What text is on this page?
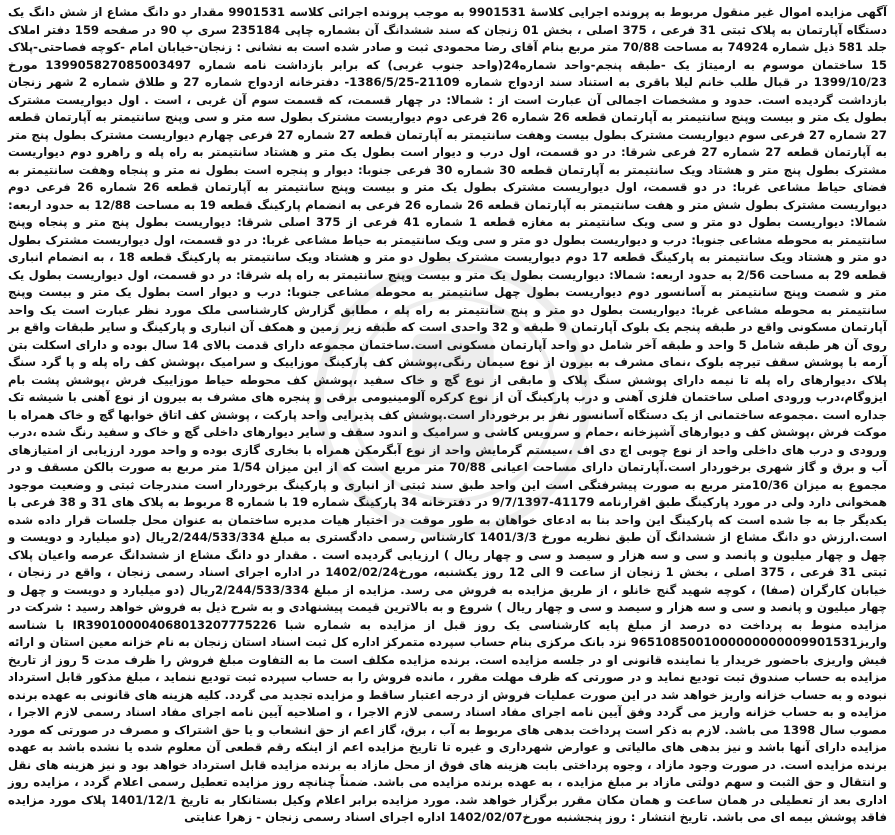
آگهی مزایده اموال غیر منقول مربوط به پرونده اجرایی کلاسهٔ 9901531 به موجب پرونده اجرائی کلاسه 9901531 مقدار دو دانگ مشاع از شش دانگ یک دستگاه آپارتمان به پلاک ثبتی 31 فرعی ، 375 اصلی ، بخش 01 زنجان که سند ششدانگ آن بشماره چاپی 235184 سری پ 90 در صفحه 159 دفتر املاک جلد 581 ذیل شماره 74924 به مساحت 70/88 متر مربع بنام آقای رضا محمودی ثبت و صادر شده است به نشانی : زنجان-خیابان امام -کوچه فصاحتی-پلاک 15 ساختمان موسوم به ارمیتاژ یک -طبقه پنجم-واحد شماره24(واحد جنوب غربی) که برابر بازداشت نامه شماره 139905827085003497 مورخ 1399/10/23 در قبال طلب خانم لیلا باقری به استناد سند ازدواج شماره 21109-1386/5/25- دفترخانه ازدواج شماره 27 و طلاق شماره 2 شهر زنجان بازداشت گردیده است. حدود و مشخصات اجمالی آن عبارت است از : شمالا: در چهار قسمت، که قسمت سوم آن غربی ، است . اول دیواریست مشترک بطول یک متر و بیست وپنج سانتیمتر به آپارتمان قطعه 26 شماره 26 فرعی دوم دیواریست مشترک بطول سه متر و سی وپنج سانتیمتر به آپارتمان قطعه 27 شماره 27 فرعی سوم دیواریست مشترک بطول بیست وهفت سانتیمتر به آپارتمان قطعه 27 شماره 27 فرعی چهارم دیواریست مشترک بطول پنج متر به آپارتمان قطعه 27 شماره 27 فرعی شرقا: در دو قسمت، اول درب و دیوار است بطول یک متر و هشتاد سانتیمتر به راه پله و راهرو دوم دیواریست مشترک بطول پنج متر و هشتاد ویک سانتیمتر به آپارتمان قطعه 30 شماره 30 فرعی جنوبا: دیوار و پنجره است بطول نه متر و پنجاه وهفت سانتیمتر به فضای حیاط مشاعی غربا: در دو قسمت، اول دیواریست مشترک بطول یک متر و بیست وپنج سانتیمتر به آپارتمان قطعه 26 شماره 26 فرعی دوم دیواریست مشترک بطول شش متر و هفت سانتیمتر به آپارتمان قطعه 26 شماره 26 فرعی به انضمام پارکینگ قطعه 19 به مساحت 12/88 به حدود اربعه: شمالا: دیواریست بطول دو متر و سی ویک سانتیمتر به مغازه قطعه 1 شماره 41 فرعی از 375 اصلی شرقا: دیواریست بطول پنج متر و پنجاه وپنج سانتیمتر به محوطه مشاعی جنوبا: درب و دیواریست بطول دو متر و سی ویک سانتیمتر به حیاط مشاعی غربا: در دو قسمت، اول دیواریست مشترک بطول دو متر و هشتاد ویک سانتیمتر به پارکینگ قطعه 17 دوم دیواریست مشترک بطول دو متر و هشتاد ویک سانتیمتر به پارکینگ قطعه 18 ، به انضمام انباری قطعه 29 به مساحت 2/56 به حدود اربعه: شمالا: دیواریست بطول یک متر و بیست وپنج سانتیمتر به راه پله شرقا: در دو قسمت، اول دیواریست بطول یک متر و شصت وپنج سانتیمتر به آسانسور دوم دیواریست بطول چهل سانتیمتر به محوطه مشاعی جنوبا: درب و دیوار است بطول یک متر و بیست وپنج سانتیمتر به محوطه مشاعی غربا: دیواریست بطول دو متر و پنج سانتیمتر به راه پله ، مطابق گزارش کارشناسی ملک مورد نظر عبارت است یک واحد آپارتمان مسکونی واقع در طبقه پنجم یک بلوک آپارتمان 9 طبقه و 32 واحدی است که طبقه زیر زمین و همکف آن انباری و پارکینگ و سایر طبقات واقع بر روی آن هر طبقه شامل 5 واحد و طبقه آخر شامل دو واحد آپارتمان مسکونی است.ساختمان مجموعه دارای قدمت بالای 14 سال بوده و دارای اسکلت بتن آرمه با پوشش سقف تیرچه بلوک ،نمای مشرف به بیرون از نوع سیمان رنگی،پوشش کف پارکینگ موزاییک و سرامیک ،پوشش کف راه پله و پا گرد سنگ پلاک ،دیوارهای راه پله تا نیمه دارای پوشش سنگ پلاک و مابقی از نوع گچ و خاک سفید ،پوشش کف محوطه حیاط موزاییک فرش ،پوشش پشت بام ایزوگام،درب ورودی اصلی ساختمان فلزی آهنی و درب پارکینگ آن از نوع کرکره آلومینیومی برقی و پنجره های مشرف به بیرون از نوع آهنی با شیشه تک جداره است .مجموعه ساختمانی از یک دستگاه آسانسور نفر بر برخوردار است.پوشش کف پذیرایی واحد پارکت ، پوشش کف اتاق خوابها گچ و خاک همراه با موکت فرش ،پوشش کف و دیوارهای آشپزخانه ،حمام و سرویس کاشی و سرامیک و اندود سقف و سایر دیوارهای داخلی گچ و خاک و سفید رنگ شده ،درب ورودی و درب های داخلی واحد از نوع چوبی اچ دی اف ،سیستم گرمایش واحد از نوع آبگرمکن همراه با بخاری گازی بوده و واحد مورد ارزیابی از امتیازهای آب و برق و گاز شهری برخوردار است.آپارتمان دارای مساحت اعیانی 70/88 متر مربع است که از این میزان 1/54 متر مربع به صورت بالکن مسقف و در مجموع به میزان 10/36متر مربع به صورت پیشرفتگی است این واحد طبق سند ثبتی از انباری و پارکینگ برخوردار است مندرجات ثبتی و وضعیت موجود همخوانی دارد ولی در مورد پارکینگ طبق اقرارنامه 41179-9/7/1397 در دفترخانه 34 پارکینگ شماره 19 با شماره 8 مربوط به پلاک های 31 و 38 فرعی با یکدیگر جا به جا شده است که پارکینگ این واحد بنا به ادعای خواهان به طور موقت در اختیار هیات مدیره ساختمان به عنوان محل جلسات قرار داده شده است.ارزش دو دانگ مشاع از ششدانگ آن طبق نظریه مورخ 1401/3/3 کارشناس رسمی دادگستری به مبلغ 2/244/533/334ریال (دو میلیارد و دویست و چهل و چهار میلیون و پانصد و سی و سه هزار و سیصد و سی و چهار ریال ) ارزیابی گردیده است . مقدار دو دانگ مشاع از ششدانگ عرصه واعیان پلاک ثبتی 31 فرعی ، 375 اصلی ، بخش 1 زنجان از ساعت 9 الی 12 روز یکشنبه، مورخ1402/02/24 در اداره اجرای اسناد رسمی زنجان ، واقع در زنجان ، خیابان کارگران (صفا) ، کوچه شهید گنج خانلو ، از طریق مزایده به فروش می رسد. مزایده از مبلغ 2/244/533/334ریال (دو میلیارد و دویست و چهل و چهار میلیون و پانصد و سی و سه هزار و سیصد و سی و چهار ریال ) شروع و به بالاترین قیمت پیشنهادی و به شرح ذیل به فروش خواهد رسید : شرکت در مزایده منوط به پرداخت ده درصد از مبلغ پایه کارشناسی یک روز قبل از مزایده به شماره شبا IR390100004068013207775226 با شناسه واریز9651085001000000000009901531 نزد بانک مرکزی بنام حساب سپرده متمرکز اداره کل ثبت اسناد استان زنجان به نام خزانه معین استان و ارائه فیش واریزی باحضور خریدار یا نماینده قانونی او در جلسه مزایده است. برنده مزایده مکلف است ما به التفاوت مبلغ فروش را ظرف مدت 5 روز از تاریخ مزایده به حساب صندوق ثبت تودیع نماید و در صورتی که ظرف مهلت مقرر ، مانده فروش را به حساب سپرده ثبت تودیع ننماید ، مبلغ مذکور قابل استرداد نبوده و به حساب خزانه واریز خواهد شد در این صورت عملیات فروش از درجه اعتبار ساقط و مزایده تجدید می گردد. کلیه هزینه های قانونی به عهده برنده مزایده و به حساب خزانه واریز می گردد وفق آیین نامه اجرای مفاد اسناد رسمی لازم الاجرا ، و اصلاحیه آیین نامه اجرای مفاد اسناد رسمی لازم الاجرا ، مصوب سال 1398 می باشد. لازم به ذکر است پرداخت بدهی های مربوط به آب ، برق، گاز اعم از حق انشعاب و یا حق اشتراک و مصرف در صورتی که مورد مزایده دارای آنها باشد و نیز بدهی های مالیاتی و عوارض شهرداری و غیره تا تاریخ مزایده اعم از اینکه رقم قطعی آن معلوم شده یا نشده باشد به عهده برنده مزایده است. در صورت وجود مازاد ، وجوه پرداختی بابت هزینه های فوق از محل مازاد به برنده مزایده قابل استرداد خواهد بود و نیز هزینه های نقل و انتقال و حق الثبت و سهم دولتی مازاد بر مبلغ مزایده ، به عهده برنده مزایده می باشد. ضمناً چنانچه روز مزایده تعطیل رسمی اعلام گردد ، مزایده روز اداری بعد از تعطیلی در همان ساعت و همان مکان مقرر برگزار خواهد شد. مورد مزایده برابر اعلام وکیل بستانکار به تاریخ 1401/12/1 پلاک مورد مزایده فاقد پوشش بیمه ای می باشد. تاریخ انتشار : روز پنجشنبه مورخ1402/02/07 اداره اجرای اسناد رسمی زنجان - زهرا عنایتی
